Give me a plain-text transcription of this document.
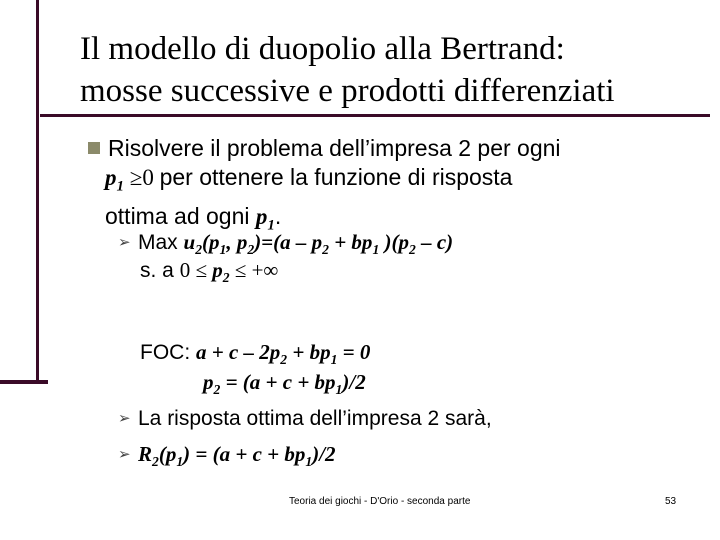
Il modello di duopolio alla Bertrand:
mosse successive e prodotti differenziati
Risolvere il problema dell’impresa 2 per ogni
$p_1 \ge 0$ per ottenere la funzione di risposta
ottima ad ogni $p_1$.
➢ Max $u_2(p_1$, $p_2)=(a - p_2 + bp_1$ )$(p_2 - c)$
s. a $0 \le p_2$ ≤ +∞
FOC: $a + c - 2p_2 + bp_1 = 0$
$p_2 = (a + c + bp_1)/2$
➢ La risposta ottima dell’impresa 2 sarà,
➢ $R_2(p_1) = (a + c + bp_1)/2$
Teoria dei giochi - D'Orio - seconda parte	53
